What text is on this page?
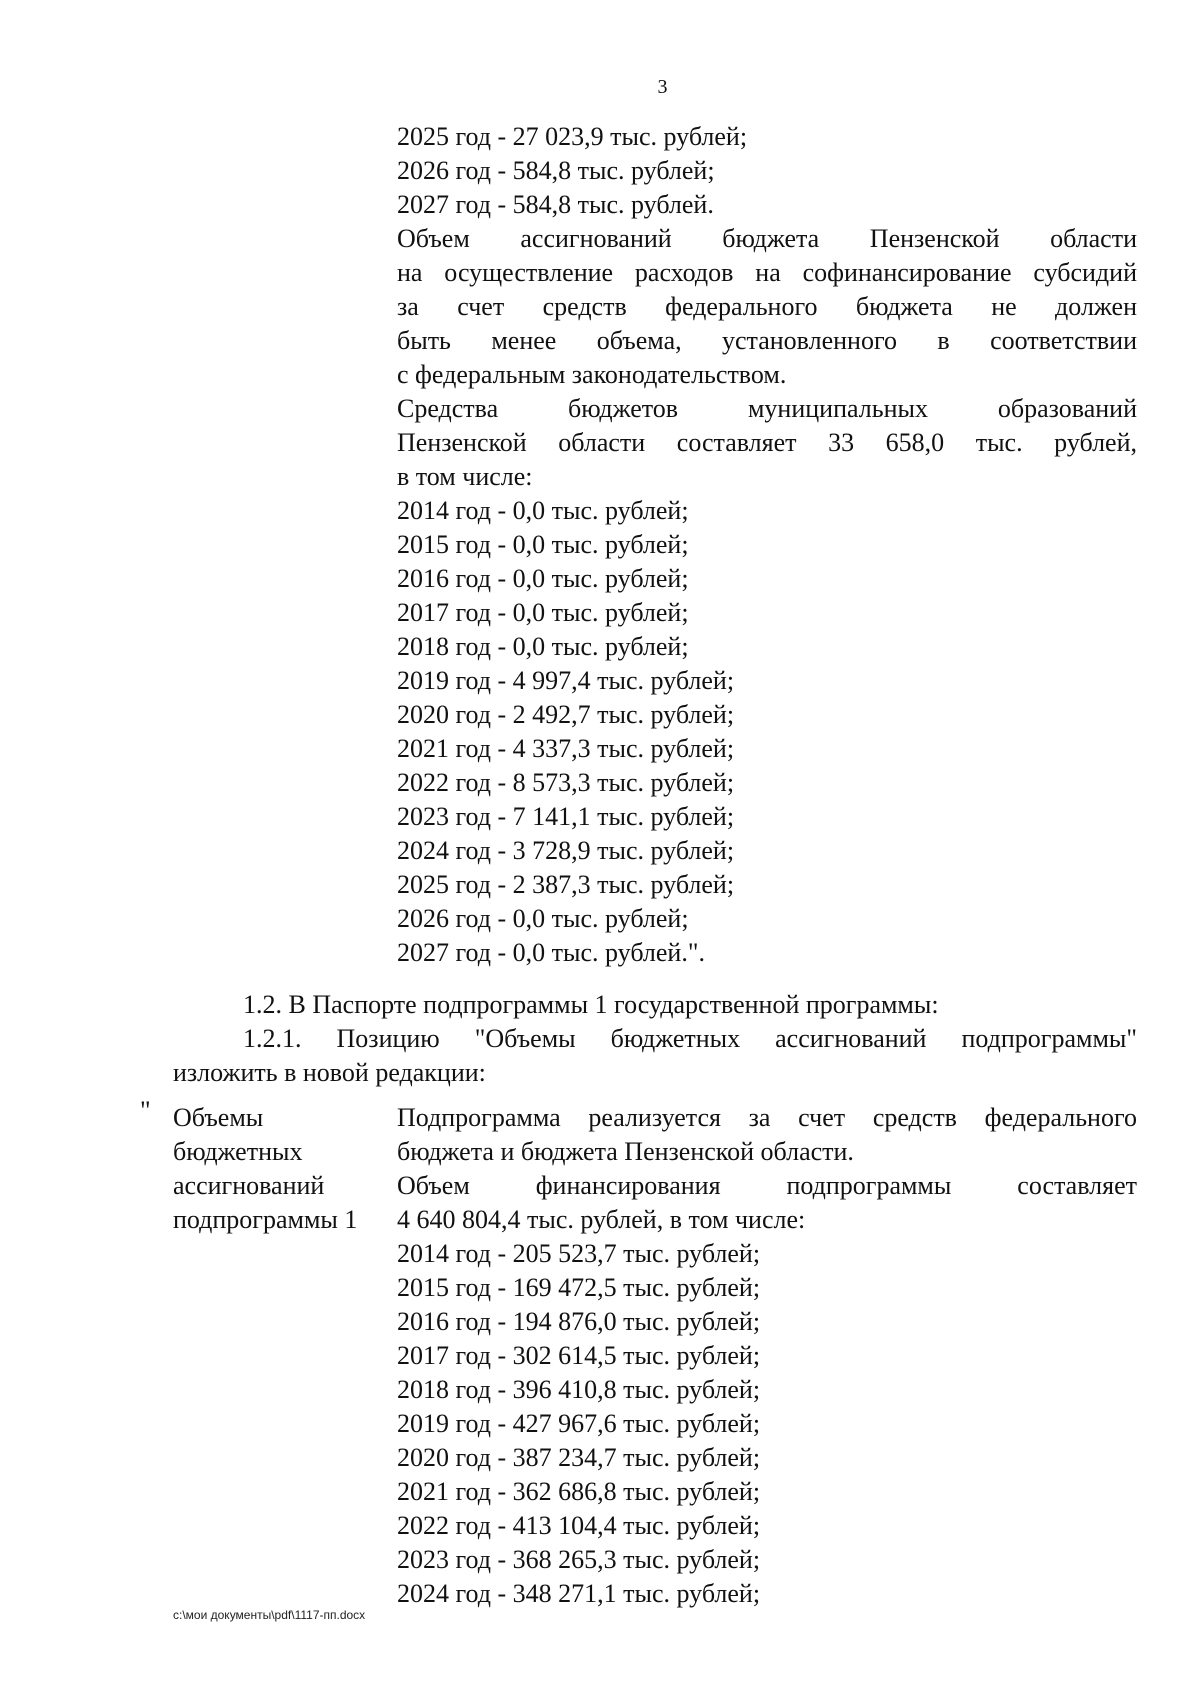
3
2025 год - 27 023,9 тыс. рублей;
2026 год - 584,8 тыс. рублей;
2027 год - 584,8 тыс. рублей.
Объем ассигнований бюджета Пензенской области
на осуществление расходов на софинансирование субсидий
за счет средств федерального бюджета не должен
быть менее объема, установленного в соответствии
с федеральным законодательством.
Средства бюджетов муниципальных образований
Пензенской области составляет 33 658,0 тыс. рублей,
в том числе:
2014 год - 0,0 тыс. рублей;
2015 год - 0,0 тыс. рублей;
2016 год - 0,0 тыс. рублей;
2017 год - 0,0 тыс. рублей;
2018 год - 0,0 тыс. рублей;
2019 год - 4 997,4 тыс. рублей;
2020 год - 2 492,7 тыс. рублей;
2021 год - 4 337,3 тыс. рублей;
2022 год - 8 573,3 тыс. рублей;
2023 год - 7 141,1 тыс. рублей;
2024 год - 3 728,9 тыс. рублей;
2025 год - 2 387,3 тыс. рублей;
2026 год - 0,0 тыс. рублей;
2027 год - 0,0 тыс. рублей.".
1.2. В Паспорте подпрограммы 1 государственной программы:
1.2.1. Позицию "Объемы бюджетных ассигнований подпрограммы"
изложить в новой редакции:
" Объемы
бюджетных
ассигнований
подпрограммы 1
Подпрограмма реализуется за счет средств федерального
бюджета и бюджета Пензенской области.
Объем финансирования подпрограммы составляет
4 640 804,4 тыс. рублей, в том числе:
2014 год - 205 523,7 тыс. рублей;
2015 год - 169 472,5 тыс. рублей;
2016 год - 194 876,0 тыс. рублей;
2017 год - 302 614,5 тыс. рублей;
2018 год - 396 410,8 тыс. рублей;
2019 год - 427 967,6 тыс. рублей;
2020 год - 387 234,7 тыс. рублей;
2021 год - 362 686,8 тыс. рублей;
2022 год - 413 104,4 тыс. рублей;
2023 год - 368 265,3 тыс. рублей;
2024 год - 348 271,1 тыс. рублей;
c:\мои документы\pdf\1117-пп.docx
